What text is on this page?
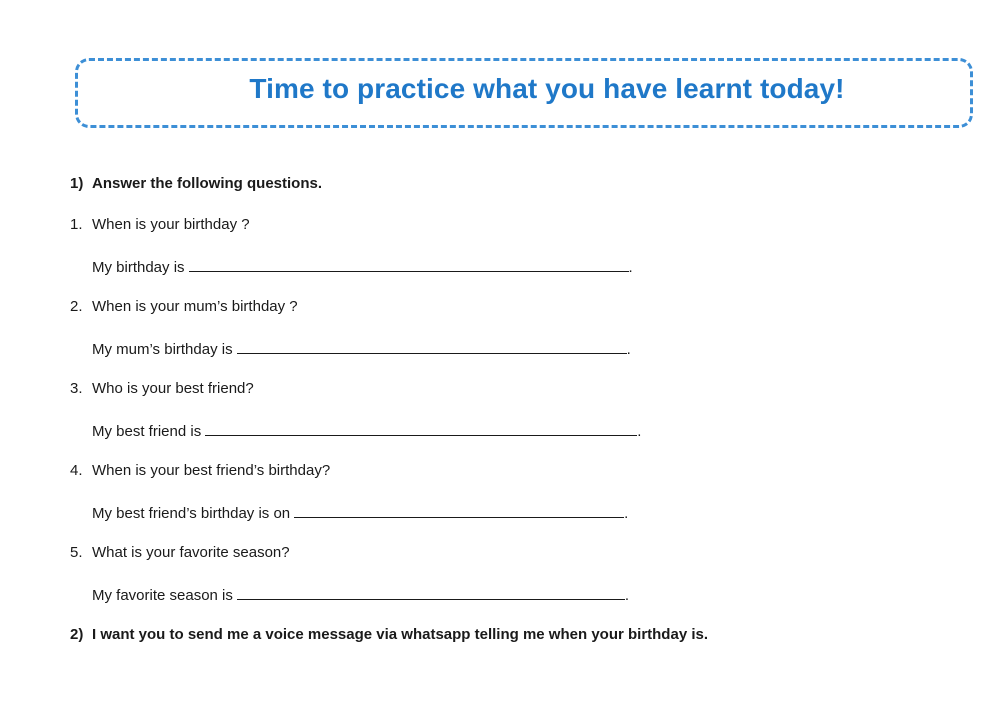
Time to practice what you have learnt today!
1) Answer the following questions.
1. When is your birthday ?
My birthday is	.
2. When is your mum’s birthday ?
My mum’s birthday is	.
3. Who is your best friend?
My best friend is	.
4. When is your best friend’s birthday?
My best friend’s birthday is on	.
5. What is your favorite season?
My favorite season is	.
2) I want you to send me a voice message via whatsapp telling me when your birthday is.
